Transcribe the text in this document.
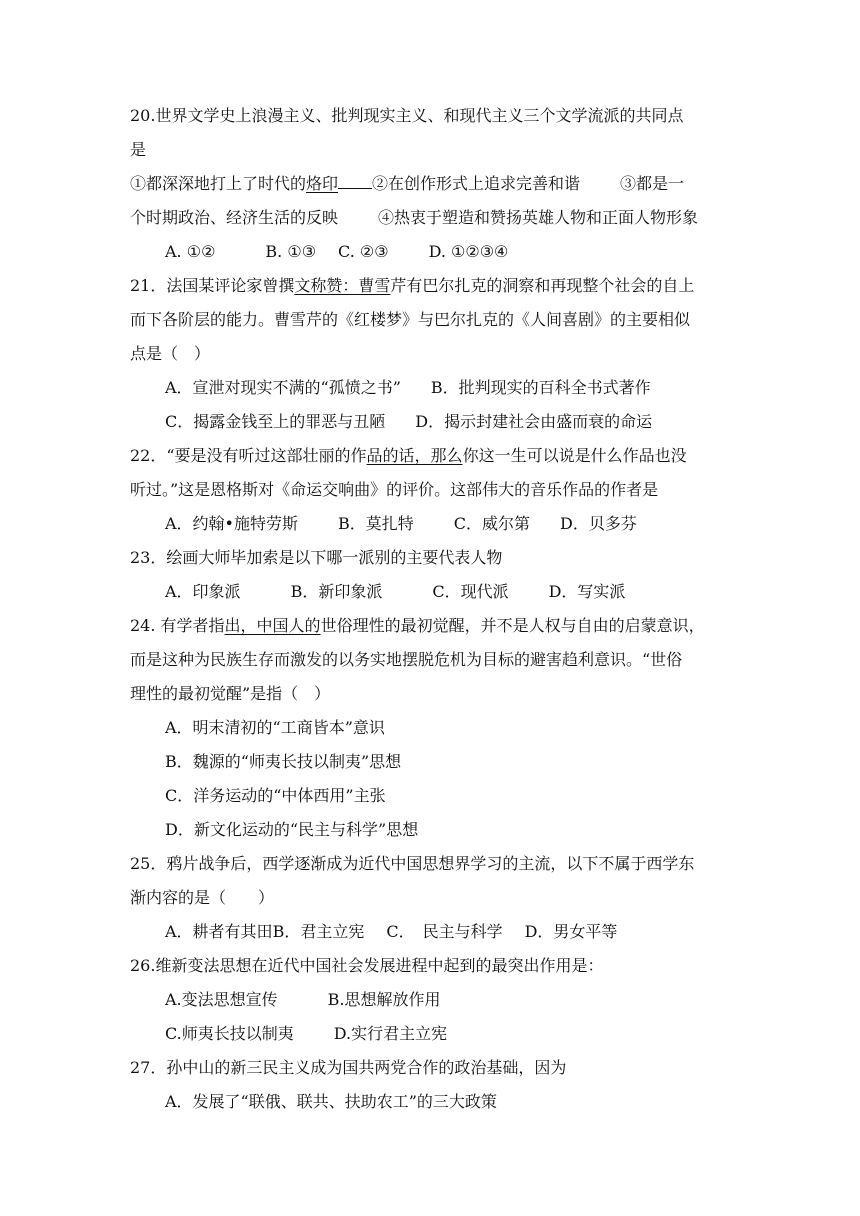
20.世界文学史上浪漫主义、批判现实主义、和现代主义三个文学流派的共同点
是
①都深深地打上了时代的烙印 ②在创作形式上追求完善和谐	③都是一
个时期政治、经济生活的反映	④热衷于塑造和赞扬英雄人物和正面人物形象
A. ①②	B. ①③ C. ②③	D. ①②③④
21．法国某评论家曾撰文称赞：曹雪芹有巴尔扎克的洞察和再现整个社会的自上
而下各阶层的能力。曹雪芹的《红楼梦》与巴尔扎克的《人间喜剧》的主要相似
点是（　）
A．宣泄对现实不满的“孤愤之书” B．批判现实的百科全书式著作
C．揭露金钱至上的罪恶与丑陋 D．揭示封建社会由盛而衰的命运
22．“要是没有听过这部壮丽的作品的话，那么你这一生可以说是什么作品也没
听过。”这是恩格斯对《命运交响曲》的评价。这部伟大的音乐作品的作者是
A．约翰•施特劳斯	B．莫扎特	C．威尔第 D．贝多芬
23．绘画大师毕加索是以下哪一派别的主要代表人物
A．印象派	B．新印象派	C．现代派	D．写实派
24. 有学者指出，中国人的世俗理性的最初觉醒，并不是人权与自由的启蒙意识，
而是这种为民族生存而激发的以务实地摆脱危机为目标的避害趋利意识。“世俗
理性的最初觉醒”是指（　）
A．明末清初的“工商皆本”意识
B．魏源的“师夷长技以制夷”思想
C．洋务运动的“中体西用”主张
D．新文化运动的“民主与科学”思想
25．鸦片战争后，西学逐渐成为近代中国思想界学习的主流，以下不属于西学东
渐内容的是（　　）
A．耕者有其田B．君主立宪 C．　民主与科学 D．男女平等
26.维新变法思想在近代中国社会发展进程中起到的最突出作用是：
A.变法思想宣传	B.思想解放作用
C.师夷长技以制夷	D.实行君主立宪
27．孙中山的新三民主义成为国共两党合作的政治基础，因为
A．发展了“联俄、联共、扶助农工”的三大政策
